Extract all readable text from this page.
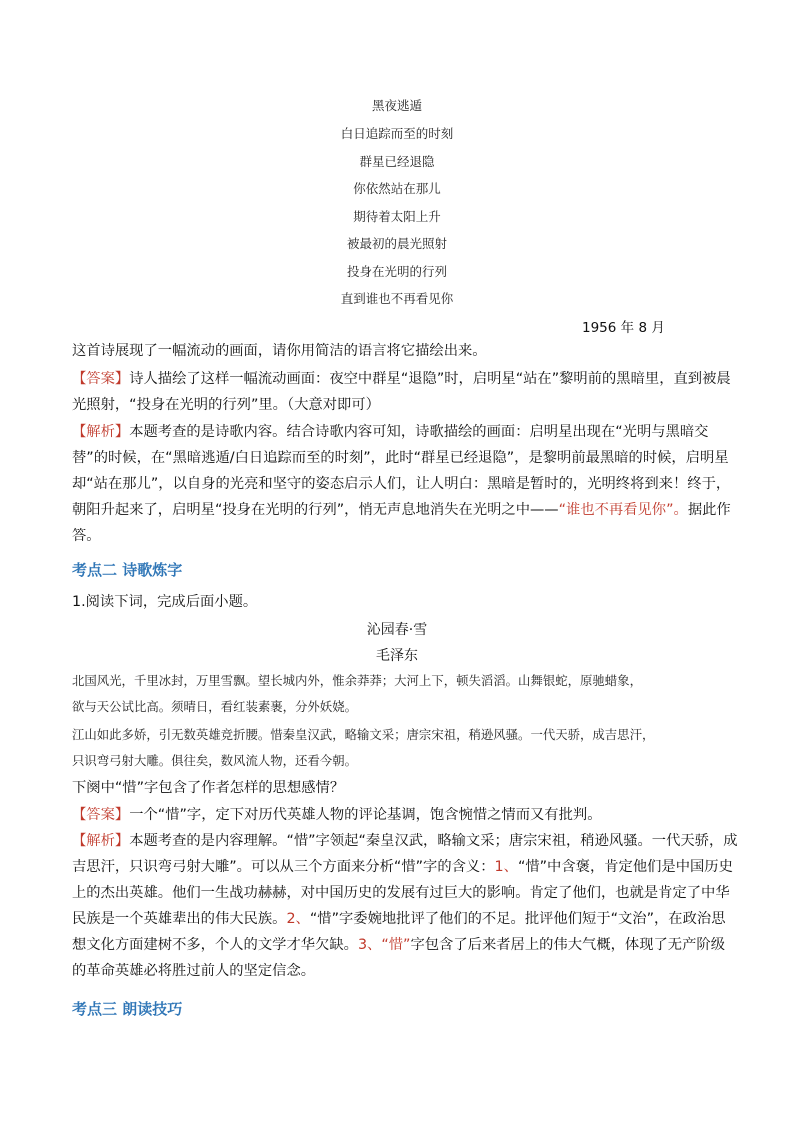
黑夜逃遁
白日追踪而至的时刻
群星已经退隐
你依然站在那儿
期待着太阳上升
被最初的晨光照射
投身在光明的行列
直到谁也不再看见你
1956 年 8 月
这首诗展现了一幅流动的画面，请你用简洁的语言将它描绘出来。
【答案】诗人描绘了这样一幅流动画面：夜空中群星“退隐”时，启明星“站在”黎明前的黑暗里，直到被晨光照射，“投身在光明的行列”里。（大意对即可）
【解析】本题考查的是诗歌内容。结合诗歌内容可知，诗歌描绘的画面：启明星出现在“光明与黑暗交替”的时候，在“黑暗逃遁/白日追踪而至的时刻”，此时“群星已经退隐”，是黎明前最黑暗的时候，启明星却“站在那儿”，以自身的光亮和坚守的姿态启示人们，让人明白：黑暗是暂时的，光明终将到来！终于，朝阳升起来了，启明星“投身在光明的行列”，悄无声息地消失在光明之中——“谁也不再看见你”。据此作答。
考点二 诗歌炼字
1.阅读下词，完成后面小题。
沁园春·雪
毛泽东
北国风光，千里冰封，万里雪飘。望长城内外，惟余莽莽；大河上下，顿失滔滔。山舞银蛇，原驰蜡象，
欲与天公试比高。须晴日，看红装素裹，分外妖娆。
江山如此多娇，引无数英雄竞折腰。惜秦皇汉武，略输文采；唐宗宋祖，稍逊风骚。一代天骄，成吉思汗，
只识弯弓射大雕。俱往矣，数风流人物，还看今朝。
下阕中“惜”字包含了作者怎样的思想感情？
【答案】一个“惜”字，定下对历代英雄人物的评论基调，饱含惋惜之情而又有批判。
【解析】本题考查的是内容理解。“惜”字领起“秦皇汉武，略输文采；唐宗宋祖，稍逊风骚。一代天骄，成吉思汗，只识弯弓射大雕”。可以从三个方面来分析“惜”字的含义：1、“惜”中含褒，肯定他们是中国历史上的杰出英雄。他们一生战功赫赫，对中国历史的发展有过巨大的影响。肯定了他们，也就是肯定了中华民族是一个英雄辈出的伟大民族。2、“惜”字委婉地批评了他们的不足。批评他们短于“文治”，在政治思想文化方面建树不多，个人的文学才华欠缺。3、“惜”字包含了后来者居上的伟大气概，体现了无产阶级的革命英雄必将胜过前人的坚定信念。
考点三 朗读技巧
